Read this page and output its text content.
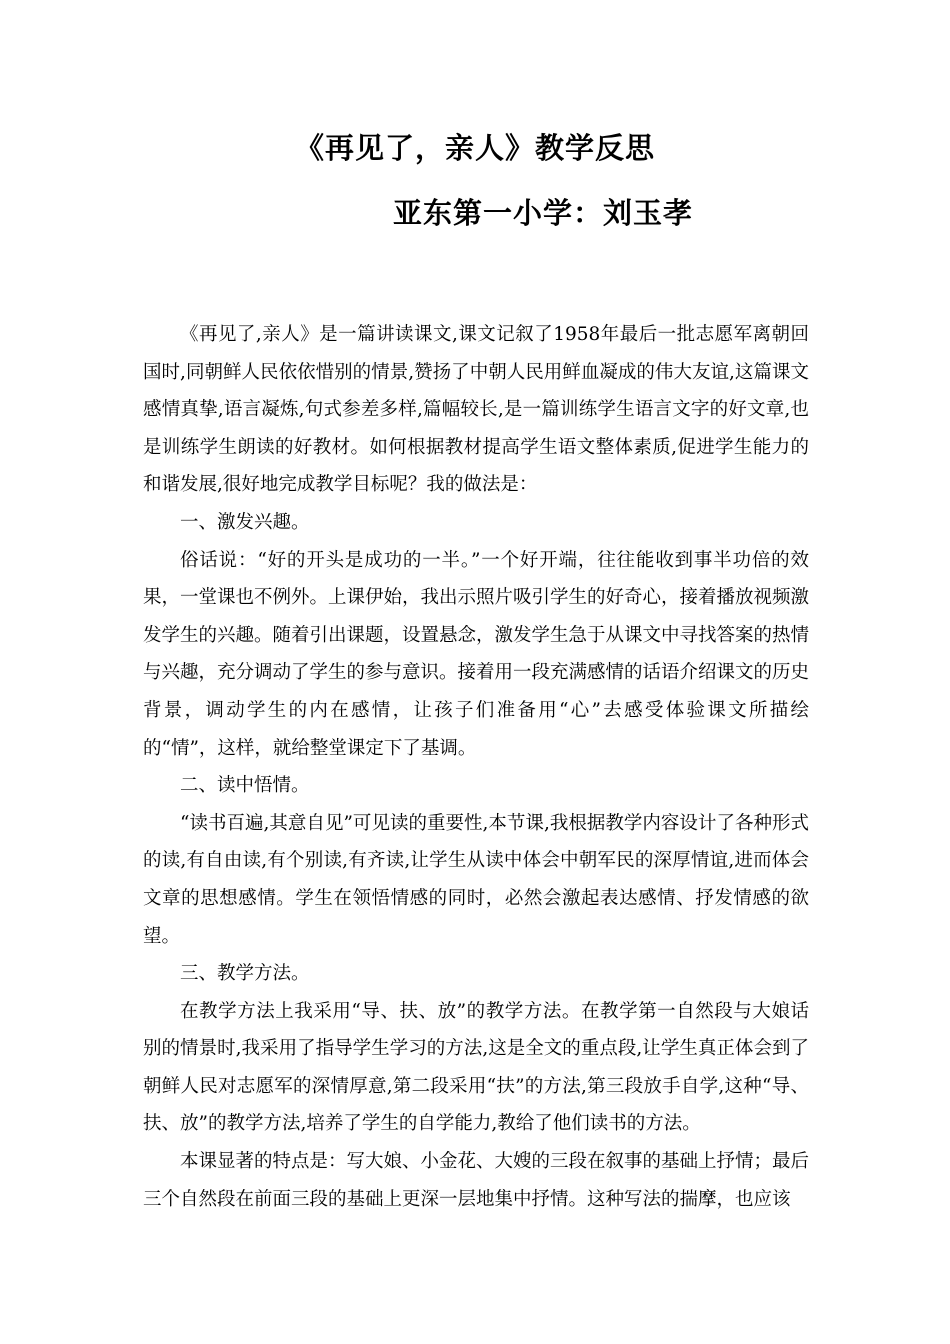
《再见了，亲人》教学反思
亚东第一小学：刘玉孝

《再见了,亲人》是一篇讲读课文,课文记叙了1958年最后一批志愿军离朝回国时,同朝鲜人民依依惜别的情景,赞扬了中朝人民用鲜血凝成的伟大友谊,这篇课文感情真挚,语言凝炼,句式参差多样,篇幅较长,是一篇训练学生语言文字的好文章,也是训练学生朗读的好教材。如何根据教材提高学生语文整体素质,促进学生能力的和谐发展,很好地完成教学目标呢？我的做法是：

一、激发兴趣。

俗话说：“好的开头是成功的一半。”一个好开端，往往能收到事半功倍的效果，一堂课也不例外。上课伊始，我出示照片吸引学生的好奇心，接着播放视频激发学生的兴趣。随着引出课题，设置悬念，激发学生急于从课文中寻找答案的热情与兴趣，充分调动了学生的参与意识。接着用一段充满感情的话语介绍课文的历史背景，调动学生的内在感情，让孩子们准备用“心”去感受体验课文所描绘的“情”，这样，就给整堂课定下了基调。

二、读中悟情。

“读书百遍,其意自见”可见读的重要性,本节课,我根据教学内容设计了各种形式的读,有自由读,有个别读,有齐读,让学生从读中体会中朝军民的深厚情谊,进而体会文章的思想感情。学生在领悟情感的同时，必然会激起表达感情、抒发情感的欲望。

三、教学方法。

在教学方法上我采用“导、扶、放”的教学方法。在教学第一自然段与大娘话别的情景时,我采用了指导学生学习的方法,这是全文的重点段,让学生真正体会到了朝鲜人民对志愿军的深情厚意,第二段采用“扶”的方法,第三段放手自学,这种“导、扶、放”的教学方法,培养了学生的自学能力,教给了他们读书的方法。

本课显著的特点是：写大娘、小金花、大嫂的三段在叙事的基础上抒情；最后三个自然段在前面三段的基础上更深一层地集中抒情。这种写法的揣摩，也应该
